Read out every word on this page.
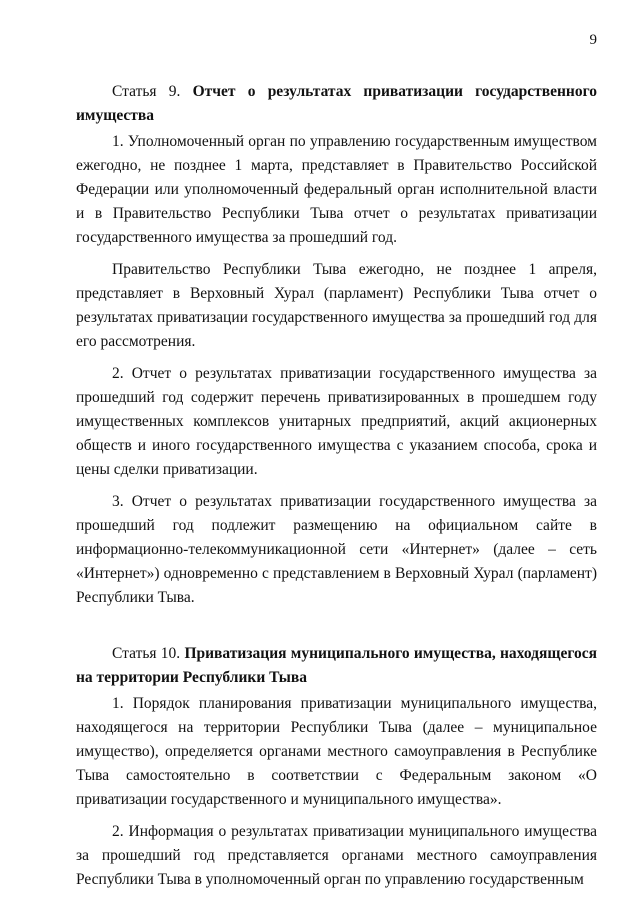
9

Статья 9. Отчет о результатах приватизации государственного имущества

1. Уполномоченный орган по управлению государственным имуществом ежегодно, не позднее 1 марта, представляет в Правительство Российской Федерации или уполномоченный федеральный орган исполнительной власти и в Правительство Республики Тыва отчет о результатах приватизации государственного имущества за прошедший год.

Правительство Республики Тыва ежегодно, не позднее 1 апреля, представляет в Верховный Хурал (парламент) Республики Тыва отчет о результатах приватизации государственного имущества за прошедший год для его рассмотрения.

2. Отчет о результатах приватизации государственного имущества за прошедший год содержит перечень приватизированных в прошедшем году имущественных комплексов унитарных предприятий, акций акционерных обществ и иного государственного имущества с указанием способа, срока и цены сделки приватизации.

3. Отчет о результатах приватизации государственного имущества за прошедший год подлежит размещению на официальном сайте в информационно-телекоммуникационной сети «Интернет» (далее – сеть «Интернет») одновременно с представлением в Верховный Хурал (парламент) Республики Тыва.

Статья 10. Приватизация муниципального имущества, находящегося на территории Республики Тыва

1. Порядок планирования приватизации муниципального имущества, находящегося на территории Республики Тыва (далее – муниципальное имущество), определяется органами местного самоуправления в Республике Тыва самостоятельно в соответствии с Федеральным законом «О приватизации государственного и муниципального имущества».

2. Информация о результатах приватизации муниципального имущества за прошедший год представляется органами местного самоуправления Республики Тыва в уполномоченный орган по управлению государственным
